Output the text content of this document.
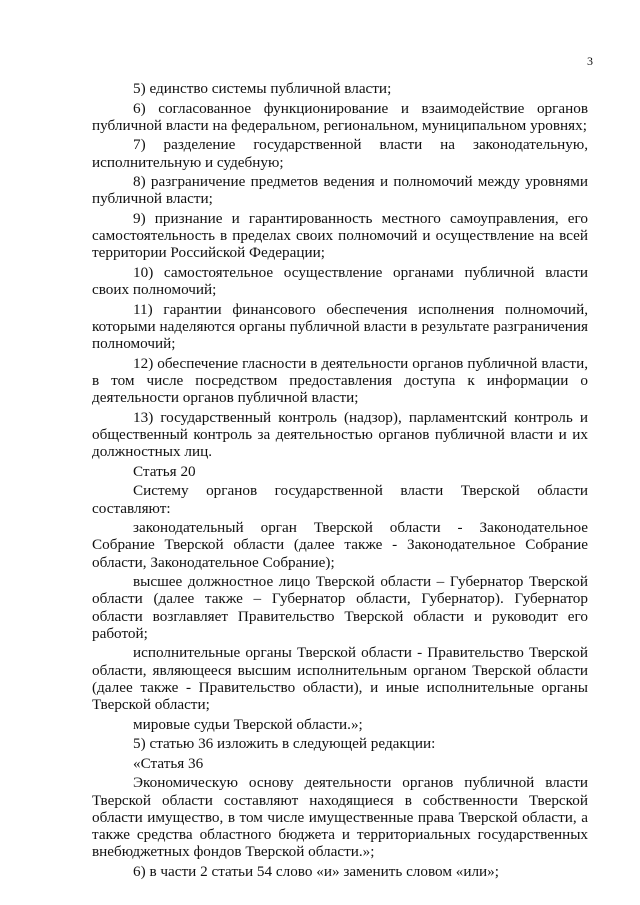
3

5) единство системы публичной власти;

6) согласованное функционирование и взаимодействие органов публичной власти на федеральном, региональном, муниципальном уровнях;

7) разделение государственной власти на законодательную, исполнительную и судебную;

8) разграничение предметов ведения и полномочий между уровнями публичной власти;

9) признание и гарантированность местного самоуправления, его самостоятельность в пределах своих полномочий и осуществление на всей территории Российской Федерации;

10) самостоятельное осуществление органами публичной власти своих полномочий;

11) гарантии финансового обеспечения исполнения полномочий, которыми наделяются органы публичной власти в результате разграничения полномочий;

12) обеспечение гласности в деятельности органов публичной власти, в том числе посредством предоставления доступа к информации о деятельности органов публичной власти;

13) государственный контроль (надзор), парламентский контроль и общественный контроль за деятельностью органов публичной власти и их должностных лиц.

Статья 20

Систему органов государственной власти Тверской области составляют:

законодательный орган Тверской области - Законодательное Собрание Тверской области (далее также - Законодательное Собрание области, Законодательное Собрание);

высшее должностное лицо Тверской области – Губернатор Тверской области (далее также – Губернатор области, Губернатор). Губернатор области возглавляет Правительство Тверской области и руководит его работой;

исполнительные органы Тверской области - Правительство Тверской области, являющееся высшим исполнительным органом Тверской области (далее также - Правительство области), и иные исполнительные органы Тверской области;

мировые судьи Тверской области.»;

5) статью 36 изложить в следующей редакции:

«Статья 36

Экономическую основу деятельности органов публичной власти Тверской области составляют находящиеся в собственности Тверской области имущество, в том числе имущественные права Тверской области, а также средства областного бюджета и территориальных государственных внебюджетных фондов Тверской области.»;

6) в части 2 статьи 54 слово «и» заменить словом «или»;
